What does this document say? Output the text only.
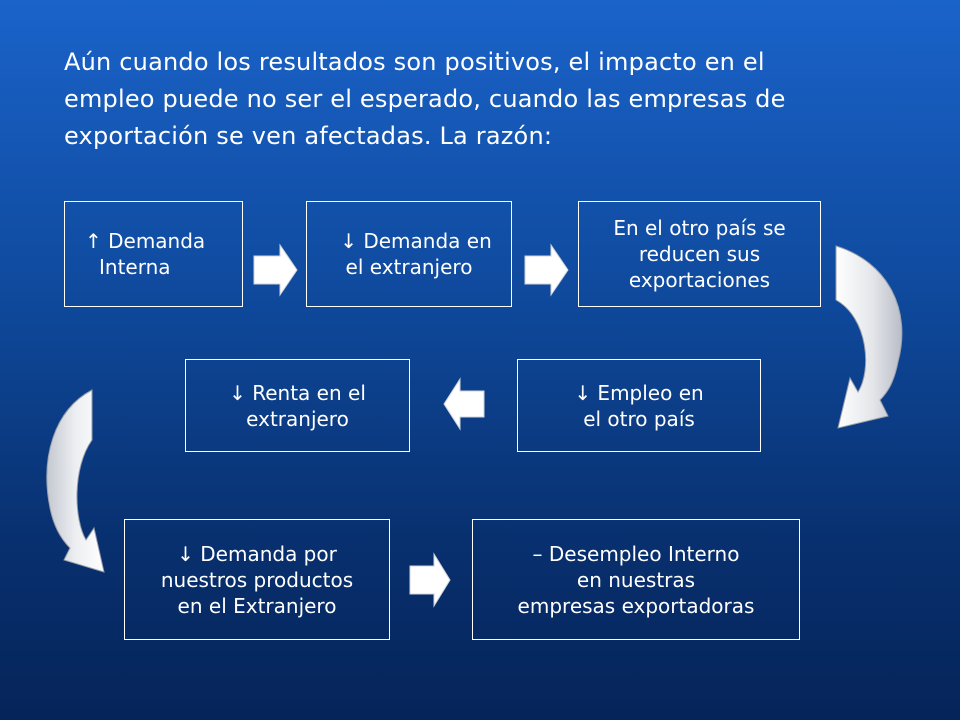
Aún cuando los resultados son positivos, el impacto en el
empleo puede no ser el esperado, cuando las empresas de
exportación se ven afectadas. La razón:
↑ Demanda
Interna
↓ Demanda en
el extranjero
En el otro país se
reducen sus
exportaciones
↓ Empleo en
el otro país
↓ Renta en el
extranjero
↓ Demanda por
nuestros productos
en el Extranjero
– Desempleo Interno
en nuestras
empresas exportadoras
